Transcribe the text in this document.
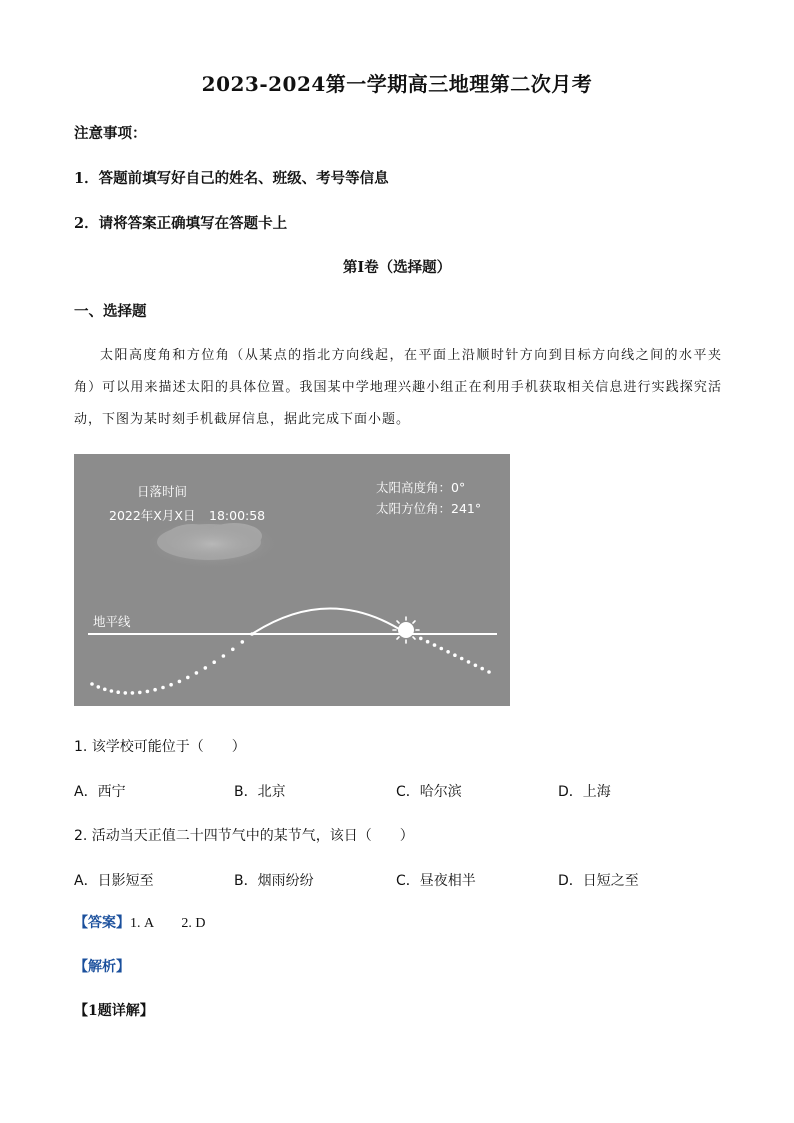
2023-2024第一学期高三地理第二次月考
注意事项：
1．答题前填写好自己的姓名、班级、考号等信息
2．请将答案正确填写在答题卡上
第I卷（选择题）
一、选择题
太阳高度角和方位角（从某点的指北方向线起，在平面上沿顺时针方向到目标方向线之间的水平夹角）可以用来描述太阳的具体位置。我国某中学地理兴趣小组正在利用手机获取相关信息进行实践探究活动，下图为某时刻手机截屏信息，据此完成下面小题。
日落时间
2022年X月X日 18:00:58
太阳高度角：0°
太阳方位角：241°
地平线
1. 该学校可能位于（　　）
A．西宁	B．北京	C．哈尔滨	D．上海
2. 活动当天正值二十四节气中的某节气，该日（　　）
A．日影短至	B．烟雨纷纷	C．昼夜相半	D．日短之至
【答案】1. A　　2. D
【解析】
【1题详解】
